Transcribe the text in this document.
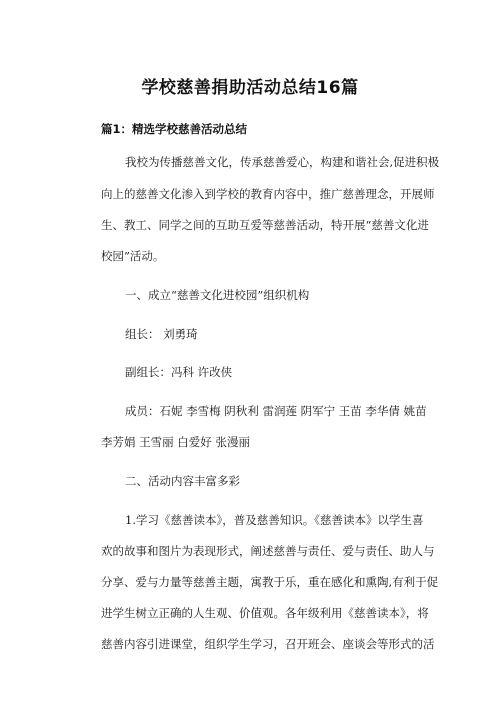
学校慈善捐助活动总结16篇
篇1：精选学校慈善活动总结
我校为传播慈善文化，传承慈善爱心，构建和谐社会,促进积极
向上的慈善文化渗入到学校的教育内容中，推广慈善理念，开展师
生、教工、同学之间的互助互爱等慈善活动，特开展“慈善文化进
校园”活动。
一、成立“慈善文化进校园”组织机构
组长： 刘勇琦
副组长：冯科 许改侠
成员：石妮 李雪梅 阴秋利 雷润莲 阴军宁 王苗 李华倩 姚苗
李芳娟 王雪丽 白爱好 张漫丽
二、活动内容丰富多彩
1.学习《慈善读本》，普及慈善知识。《慈善读本》以学生喜
欢的故事和图片为表现形式，阐述慈善与责任、爱与责任、助人与
分享、爱与力量等慈善主题，寓教于乐，重在感化和熏陶,有利于促
进学生树立正确的人生观、价值观。各年级利用《慈善读本》，将
慈善内容引进课堂，组织学生学习，召开班会、座谈会等形式的活
